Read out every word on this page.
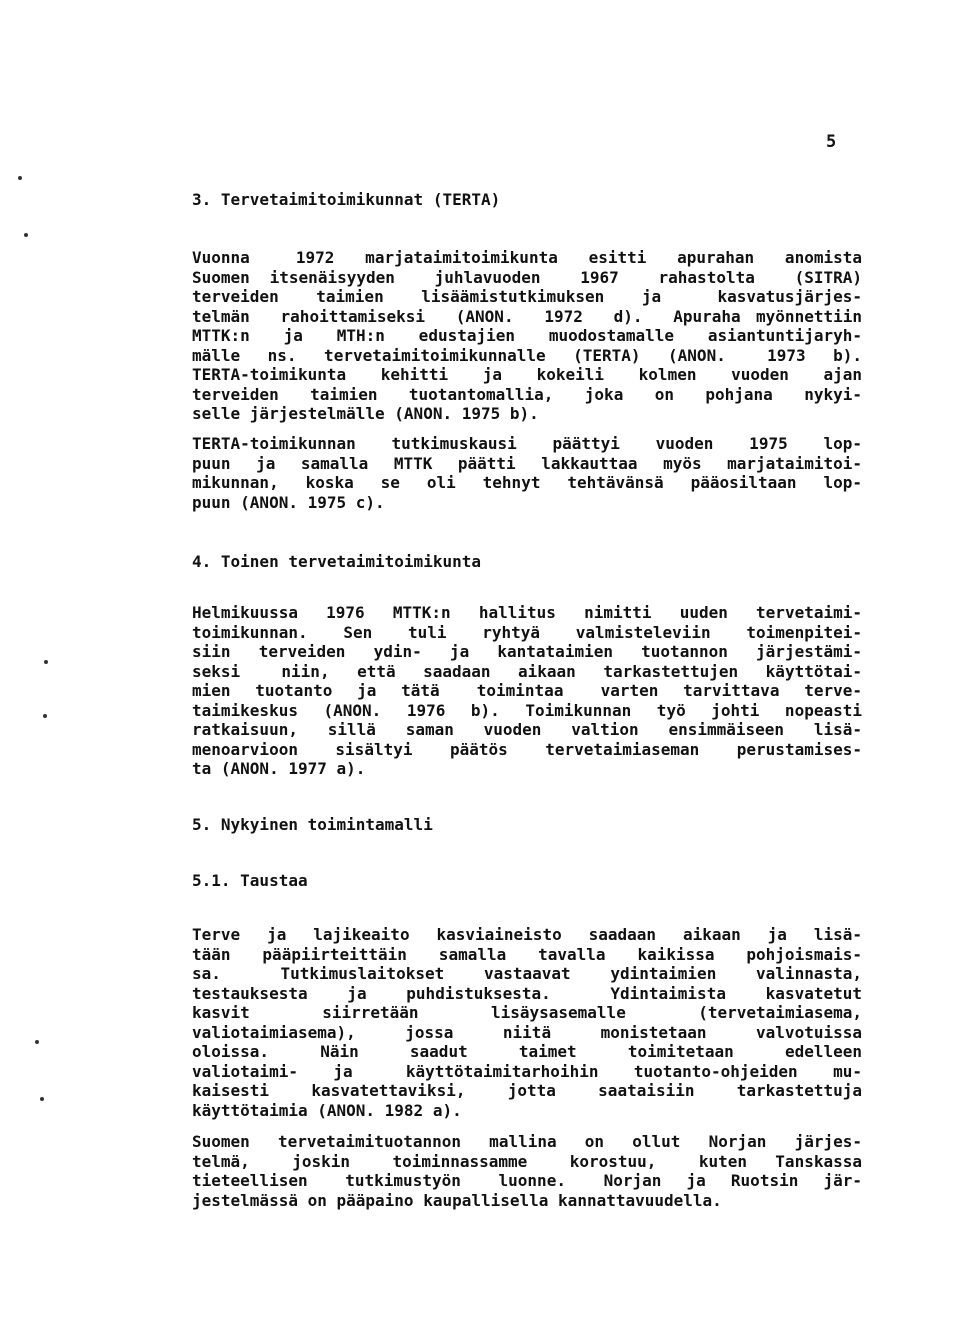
5
3. Tervetaimitoimikunnat (TERTA)
Vuonna   1972  marjataimitoimikunta  esitti  apurahan  anomista
Suomen itsenäisyyden  juhlavuoden  1967  rahastolta  (SITRA)
terveiden  taimien  lisäämistutkimuksen  ja   kasvatusjärjes-
telmän  rahoittamiseksi  (ANON.  1972  d).  Apuraha myönnettiin
MTTK:n  ja  MTH:n  edustajien  muodostamalle  asiantuntijaryh-
mälle  ns.  tervetaimitoimikunnalle  (TERTA)  (ANON.   1973  b).
TERTA-toimikunta  kehitti  ja  kokeili  kolmen  vuoden  ajan
terveiden  taimien  tuotantomallia,  joka  on  pohjana  nykyi-
selle järjestelmälle (ANON. 1975 b).
TERTA-toimikunnan  tutkimuskausi  päättyi  vuoden  1975  lop-
puun  ja  samalla  MTTK  päätti  lakkauttaa  myös  marjataimitoi-
mikunnan,  koska  se  oli  tehnyt  tehtävänsä  pääosiltaan  lop-
puun (ANON. 1975 c).
4. Toinen tervetaimitoimikunta
Helmikuussa  1976  MTTK:n  hallitus  nimitti  uuden  tervetaimi-
toimikunnan.  Sen  tuli  ryhtyä  valmisteleviin  toimenpitei-
siin  terveiden  ydin-  ja  kantataimien  tuotannon  järjestämi-
seksi   niin,  että  saadaan  aikaan  tarkastettujen  käyttötai-
mien  tuotanto  ja  tätä   toimintaa   varten  tarvittava  terve-
taimikeskus  (ANON.  1976  b).  Toimikunnan  työ  johti  nopeasti
ratkaisuun,  sillä  saman  vuoden  valtion  ensimmäiseen  lisä-
menoarvioon  sisältyi  päätös  tervetaimiaseman  perustamises-
ta (ANON. 1977 a).
5. Nykyinen toimintamalli
5.1. Taustaa
Terve  ja  lajikeaito  kasviaineisto  saadaan  aikaan  ja  lisä-
tään  pääpiirteittäin  samalla  tavalla  kaikissa  pohjoismais-
sa.   Tutkimuslaitokset  vastaavat  ydintaimien  valinnasta,
testauksesta  ja  puhdistuksesta.   Ydintaimista  kasvatetut
kasvit   siirretään   lisäysasemalle   (tervetaimiasema,
valiotaimiasema),   jossa   niitä   monistetaan   valvotuissa
oloissa.   Näin   saadut   taimet   toimitetaan   edelleen
valiotaimi-  ja   käyttötaimitarhoihin  tuotanto-ohjeiden  mu-
kaisesti  kasvatettaviksi,  jotta  saataisiin  tarkastettuja
käyttötaimia (ANON. 1982 a).
Suomen  tervetaimituotannon  mallina  on  ollut  Norjan  järjes-
telmä,   joskin   toiminnassamme   korostuu,   kuten  Tanskassa
tieteellisen   tutkimustyön   luonne.   Norjan  ja  Ruotsin  jär-
jestelmässä on pääpaino kaupallisella kannattavuudella.
